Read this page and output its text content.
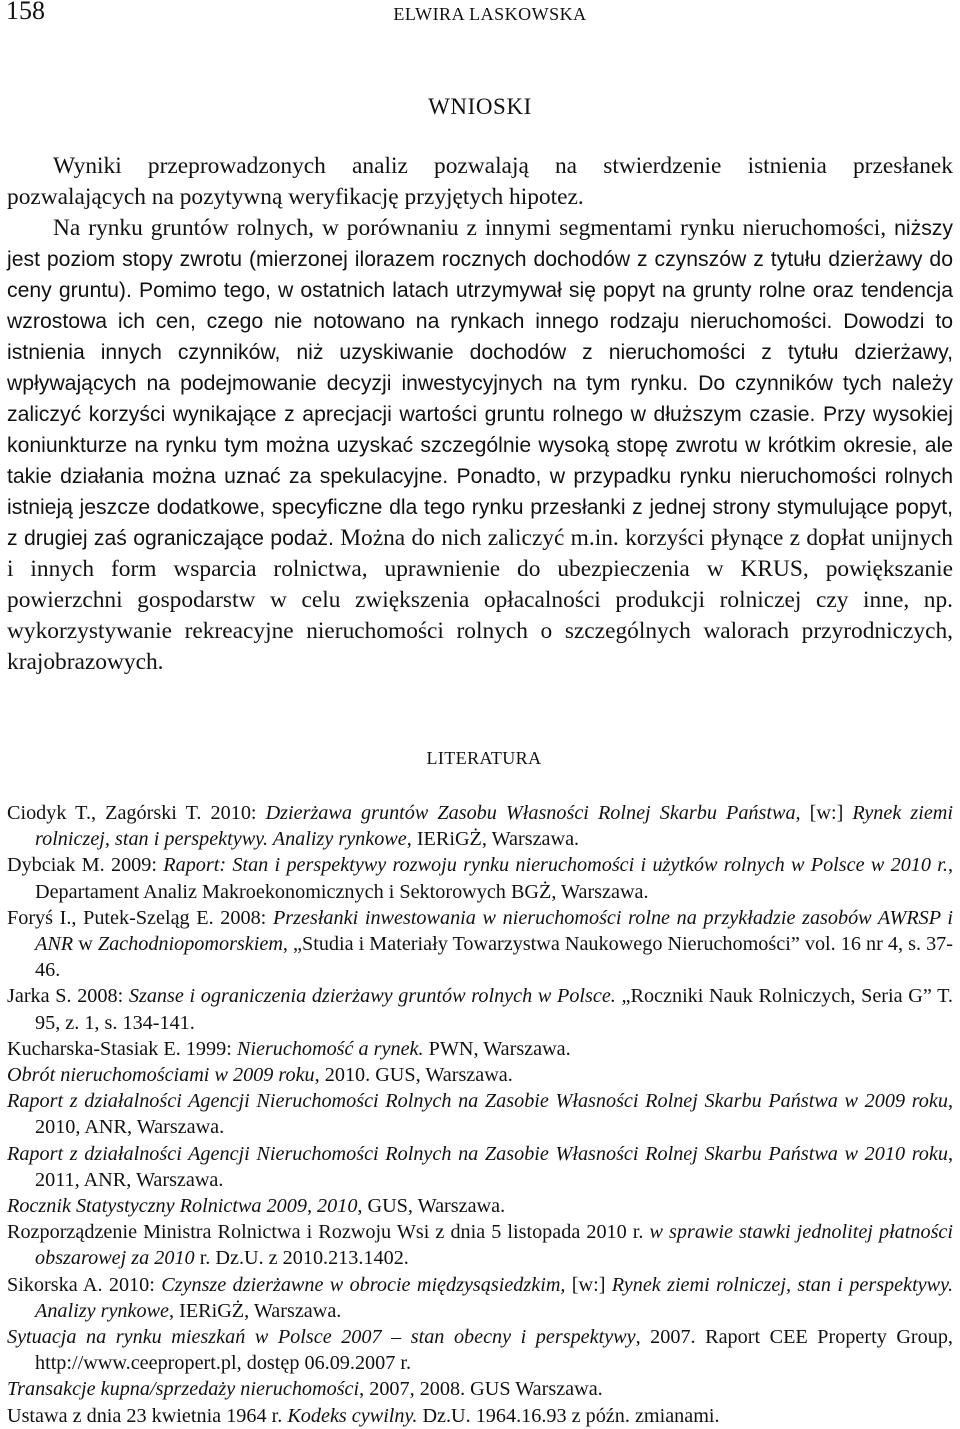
158	ELWIRA LASKOWSKA
WNIOSKI

Wyniki przeprowadzonych analiz pozwalają na stwierdzenie istnienia przesłanek pozwalających na pozytywną weryfikację przyjętych hipotez.

Na rynku gruntów rolnych, w porównaniu z innymi segmentami rynku nieruchomości, niższy jest poziom stopy zwrotu (mierzonej ilorazem rocznych dochodów z czynszów z tytułu dzierżawy do ceny gruntu). Pomimo tego, w ostatnich latach utrzymywał się popyt na grunty rolne oraz tendencja wzrostowa ich cen, czego nie notowano na rynkach innego rodzaju nieruchomości. Dowodzi to istnienia innych czynników, niż uzyskiwanie dochodów z nieruchomości z tytułu dzierżawy, wpływających na podejmowanie decyzji inwestycyjnych na tym rynku. Do czynników tych należy zaliczyć korzyści wynikające z aprecjacji wartości gruntu rolnego w dłuższym czasie. Przy wysokiej koniunkturze na rynku tym można uzyskać szczególnie wysoką stopę zwrotu w krótkim okresie, ale takie działania można uznać za spekulacyjne. Ponadto, w przypadku rynku nieruchomości rolnych istnieją jeszcze dodatkowe, specyficzne dla tego rynku przesłanki z jednej strony stymulujące popyt, z drugiej zaś ograniczające podaż. Można do nich zaliczyć m.in. korzyści płynące z dopłat unijnych i innych form wsparcia rolnictwa, uprawnienie do ubezpieczenia w KRUS, powiększanie powierzchni gospodarstw w celu zwiększenia opłacalności produkcji rolniczej czy inne, np. wykorzystywanie rekreacyjne nieruchomości rolnych o szczególnych walorach przyrodniczych, krajobrazowych.

LITERATURA

Ciodyk T., Zagórski T. 2010: Dzierżawa gruntów Zasobu Własności Rolnej Skarbu Państwa, [w:] Rynek ziemi rolniczej, stan i perspektywy. Analizy rynkowe, IERiGŻ, Warszawa.

Dybciak M. 2009: Raport: Stan i perspektywy rozwoju rynku nieruchomości i użytków rolnych w Polsce w 2010 r., Departament Analiz Makroekonomicznych i Sektorowych BGŻ, Warszawa.

Foryś I., Putek-Szeląg E. 2008: Przesłanki inwestowania w nieruchomości rolne na przykładzie zasobów AWRSP i ANR w Zachodniopomorskiem, „Studia i Materiały Towarzystwa Naukowego Nieruchomości” vol. 16 nr 4, s. 37-46.

Jarka S. 2008: Szanse i ograniczenia dzierżawy gruntów rolnych w Polsce. „Roczniki Nauk Rolniczych, Seria G” T. 95, z. 1, s. 134-141.

Kucharska-Stasiak E. 1999: Nieruchomość a rynek. PWN, Warszawa.

Obrót nieruchomościami w 2009 roku, 2010. GUS, Warszawa.

Raport z działalności Agencji Nieruchomości Rolnych na Zasobie Własności Rolnej Skarbu Państwa w 2009 roku, 2010, ANR, Warszawa.

Raport z działalności Agencji Nieruchomości Rolnych na Zasobie Własności Rolnej Skarbu Państwa w 2010 roku, 2011, ANR, Warszawa.

Rocznik Statystyczny Rolnictwa 2009, 2010, GUS, Warszawa.

Rozporządzenie Ministra Rolnictwa i Rozwoju Wsi z dnia 5 listopada 2010 r. w sprawie stawki jednolitej płatności obszarowej za 2010 r. Dz.U. z 2010.213.1402.

Sikorska A. 2010: Czynsze dzierżawne w obrocie międzysąsiedzkim, [w:] Rynek ziemi rolniczej, stan i perspektywy. Analizy rynkowe, IERiGŻ, Warszawa.

Sytuacja na rynku mieszkań w Polsce 2007 – stan obecny i perspektywy, 2007. Raport CEE Property Group, http://www.ceepropert.pl, dostęp 06.09.2007 r.

Transakcje kupna/sprzedaży nieruchomości, 2007, 2008. GUS Warszawa.

Ustawa z dnia 23 kwietnia 1964 r. Kodeks cywilny. Dz.U. 1964.16.93 z późn. zmianami.
